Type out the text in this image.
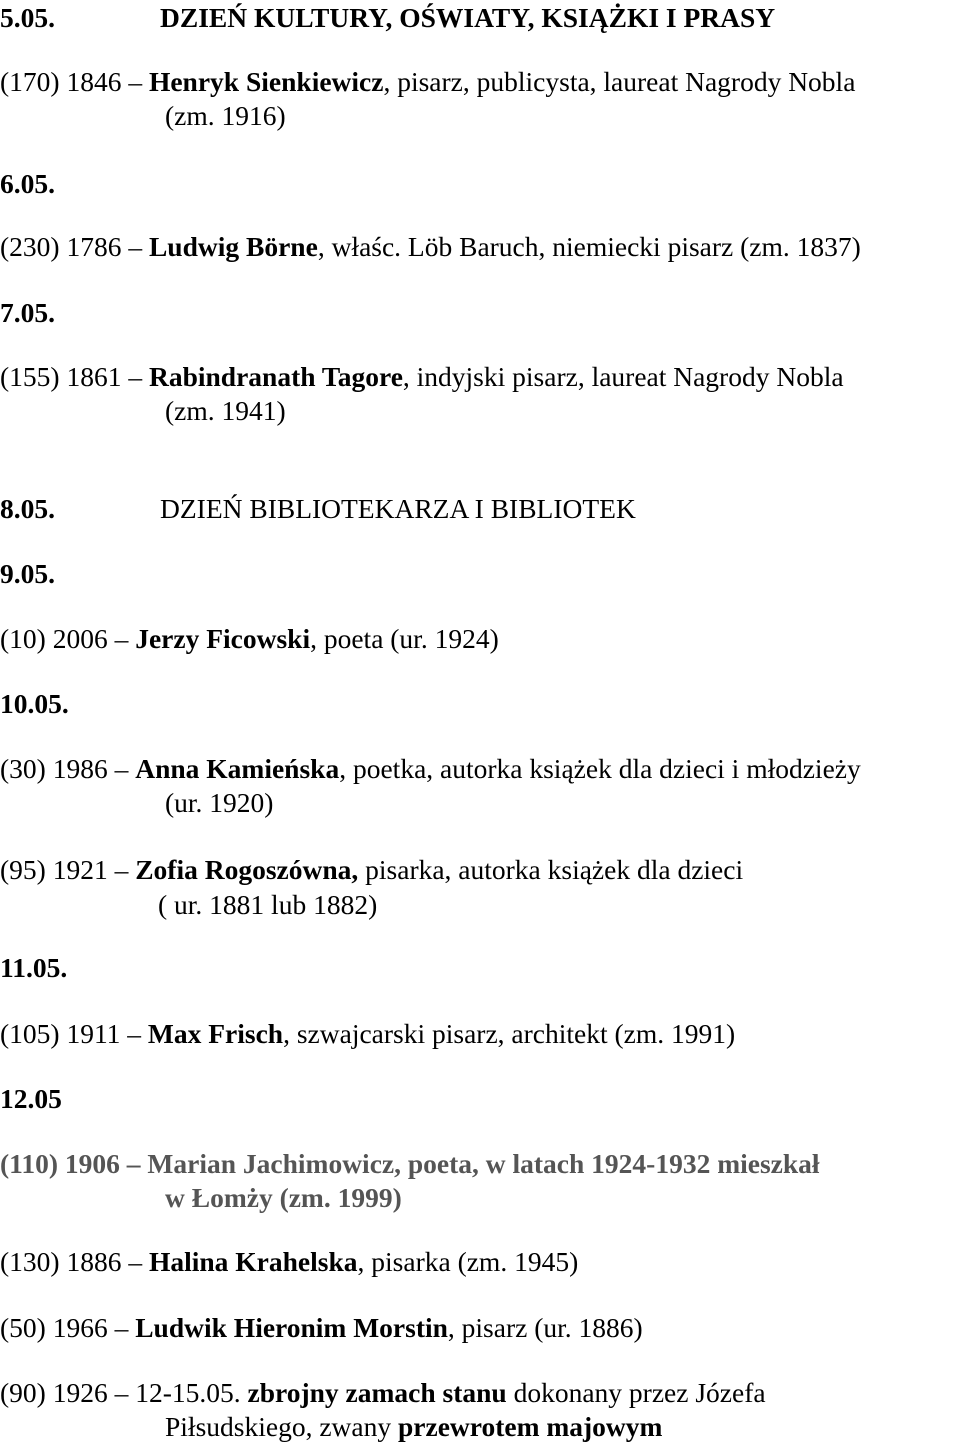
5.05.	DZIEŃ KULTURY, OŚWIATY, KSIĄŻKI I PRASY
(170) 1846 – Henryk Sienkiewicz, pisarz, publicysta, laureat Nagrody Nobla
(zm. 1916)
6.05.
(230) 1786 – Ludwig Börne, właśc. Löb Baruch, niemiecki pisarz (zm. 1837)
7.05.
(155) 1861 – Rabindranath Tagore, indyjski pisarz, laureat Nagrody Nobla
(zm. 1941)
8.05.	DZIEŃ BIBLIOTEKARZA I BIBLIOTEK
9.05.
(10) 2006 – Jerzy Ficowski, poeta (ur. 1924)
10.05.
(30) 1986 – Anna Kamieńska, poetka, autorka książek dla dzieci i młodzieży
(ur. 1920)
(95) 1921 – Zofia Rogoszówna, pisarka, autorka książek dla dzieci
( ur. 1881 lub 1882)
11.05.
(105) 1911 – Max Frisch, szwajcarski pisarz, architekt (zm. 1991)
12.05
(110) 1906 – Marian Jachimowicz, poeta, w latach 1924-1932 mieszkał
w Łomży (zm. 1999)
(130) 1886 – Halina Krahelska, pisarka (zm. 1945)
(50) 1966 – Ludwik Hieronim Morstin, pisarz (ur. 1886)
(90) 1926 – 12-15.05. zbrojny zamach stanu dokonany przez Józefa
Piłsudskiego, zwany przewrotem majowym
